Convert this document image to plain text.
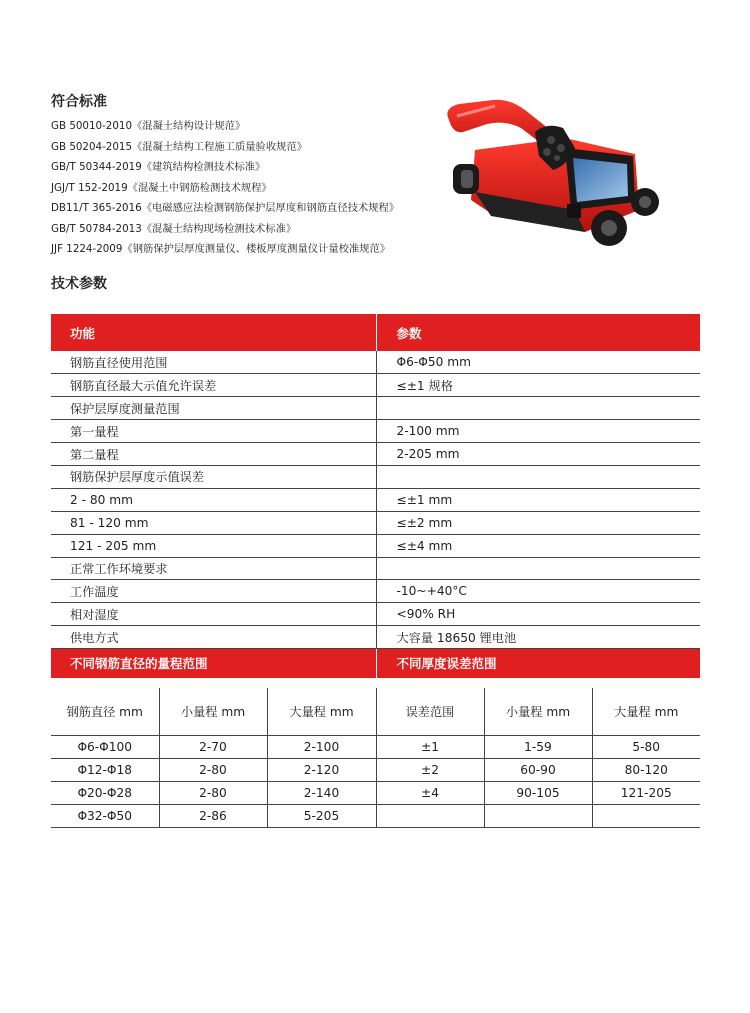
符合标准
GB 50010-2010《混凝土结构设计规范》
GB 50204-2015《混凝土结构工程施工质量验收规范》
GB/T 50344-2019《建筑结构检测技术标准》
JGJ/T 152-2019《混凝土中钢筋检测技术规程》
DB11/T 365-2016《电磁感应法检测钢筋保护层厚度和钢筋直径技术规程》
GB/T 50784-2013《混凝土结构现场检测技术标准》
JJF 1224-2009《钢筋保护层厚度测量仪、楼板厚度测量仪计量校准规范》
技术参数
功能	参数
钢筋直径使用范围	Φ6-Φ50 mm
钢筋直径最大示值允许误差	≤±1 规格
保护层厚度测量范围	
第一量程	2-100 mm
第二量程	2-205 mm
钢筋保护层厚度示值误差	
2 - 80 mm	≤±1 mm
81 - 120 mm	≤±2 mm
121 - 205 mm	≤±4 mm
正常工作环境要求	
工作温度	-10~+40°C
相对湿度	<90% RH
供电方式	大容量 18650 锂电池
不同钢筋直径的量程范围	不同厚度误差范围
钢筋直径 mm	小量程 mm	大量程 mm	误差范围	小量程 mm	大量程 mm
Φ6-Φ100	2-70	2-100	±1	1-59	5-80
Φ12-Φ18	2-80	2-120	±2	60-90	80-120
Φ20-Φ28	2-80	2-140	±4	90-105	121-205
Φ32-Φ50	2-86	5-205			
